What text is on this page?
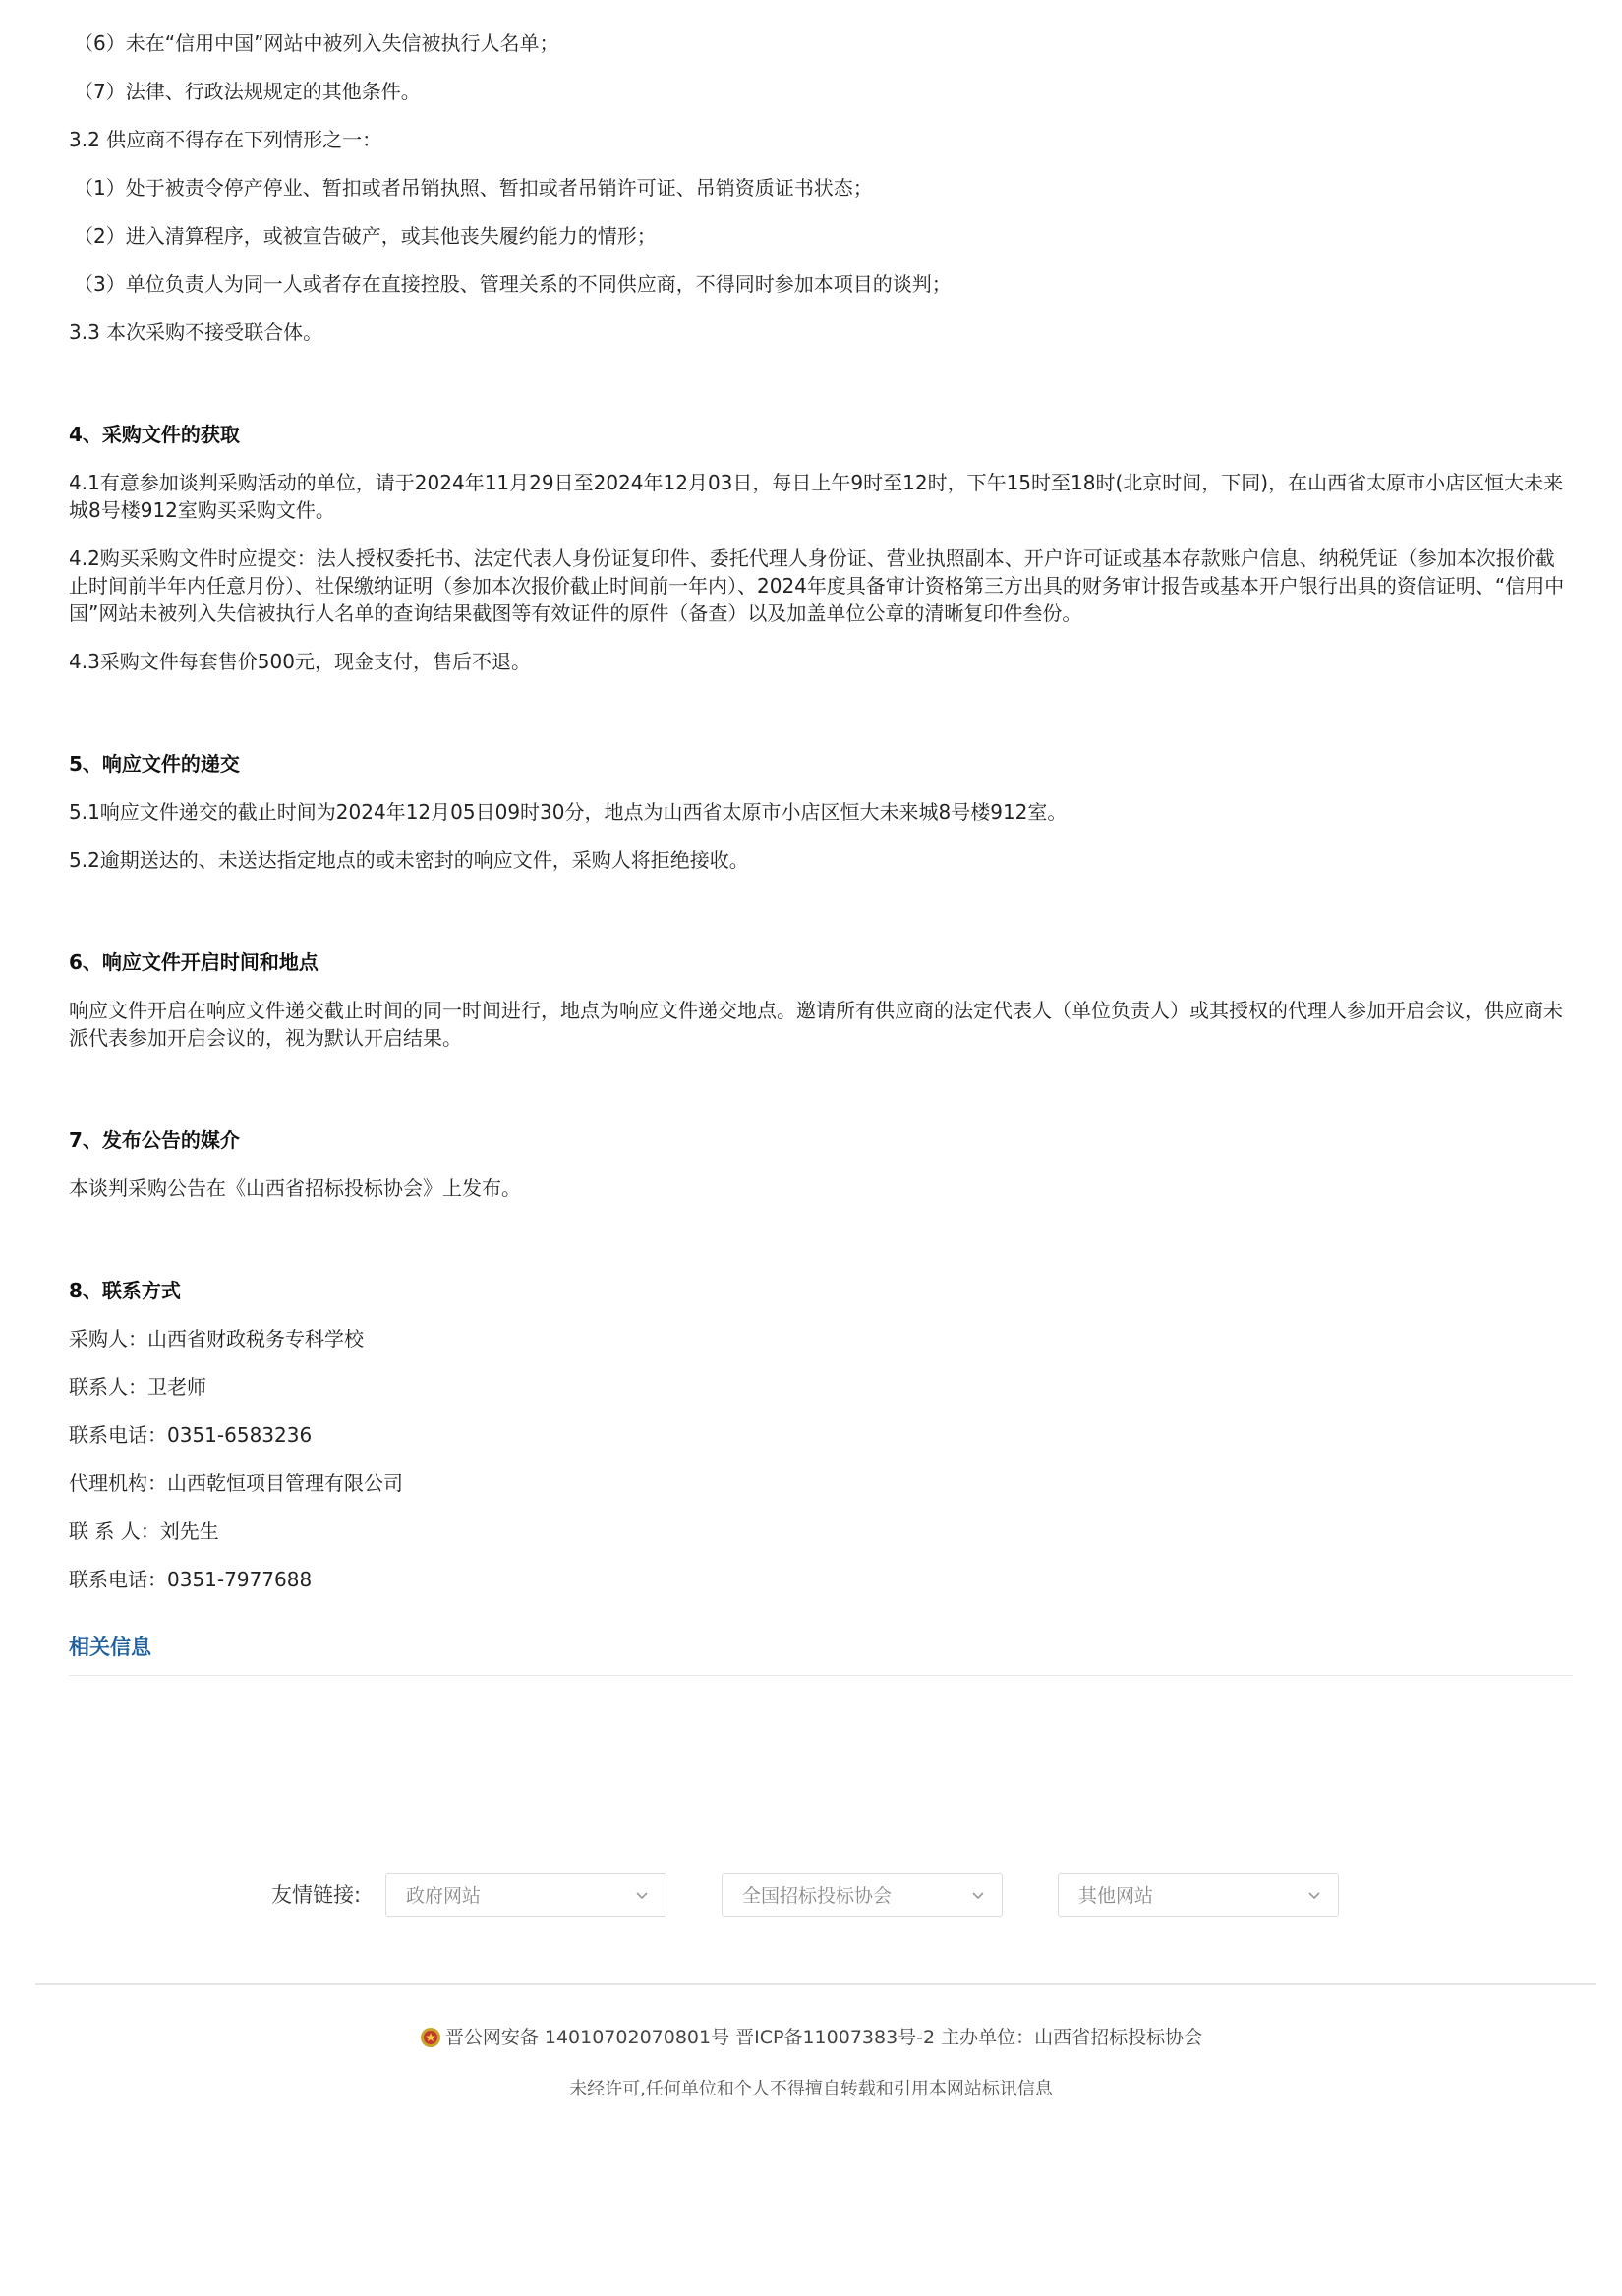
（6）未在“信用中国”网站中被列入失信被执行人名单；

（7）法律、行政法规规定的其他条件。

3.2 供应商不得存在下列情形之一：

（1）处于被责令停产停业、暂扣或者吊销执照、暂扣或者吊销许可证、吊销资质证书状态；

（2）进入清算程序，或被宣告破产，或其他丧失履约能力的情形；

（3）单位负责人为同一人或者存在直接控股、管理关系的不同供应商，不得同时参加本项目的谈判；

3.3 本次采购不接受联合体。

4、采购文件的获取

4.1有意参加谈判采购活动的单位，请于2024年11月29日至2024年12月03日，每日上午9时至12时，下午15时至18时(北京时间，下同)，在山西省太原市小店区恒大未来城8号楼912室购买采购文件。

4.2购买采购文件时应提交：法人授权委托书、法定代表人身份证复印件、委托代理人身份证、营业执照副本、开户许可证或基本存款账户信息、纳税凭证（参加本次报价截止时间前半年内任意月份）、社保缴纳证明（参加本次报价截止时间前一年内）、2024年度具备审计资格第三方出具的财务审计报告或基本开户银行出具的资信证明、“信用中国”网站未被列入失信被执行人名单的查询结果截图等有效证件的原件（备查）以及加盖单位公章的清晰复印件叁份。

4.3采购文件每套售价500元，现金支付，售后不退。

5、响应文件的递交

5.1响应文件递交的截止时间为2024年12月05日09时30分，地点为山西省太原市小店区恒大未来城8号楼912室。

5.2逾期送达的、未送达指定地点的或未密封的响应文件，采购人将拒绝接收。

6、响应文件开启时间和地点

响应文件开启在响应文件递交截止时间的同一时间进行，地点为响应文件递交地点。邀请所有供应商的法定代表人（单位负责人）或其授权的代理人参加开启会议，供应商未派代表参加开启会议的，视为默认开启结果。

7、发布公告的媒介

本谈判采购公告在《山西省招标投标协会》上发布。

8、联系方式

采购人：山西省财政税务专科学校

联系人：卫老师

联系电话：0351-6583236

代理机构：山西乾恒项目管理有限公司

联 系 人：刘先生

联系电话：0351-7977688

相关信息
友情链接: 政府网站	全国招标投标协会	其他网站
晋公网安备 14010702070801号 晋ICP备11007383号-2 主办单位：山西省招标投标协会
未经许可,任何单位和个人不得擅自转载和引用本网站标讯信息
